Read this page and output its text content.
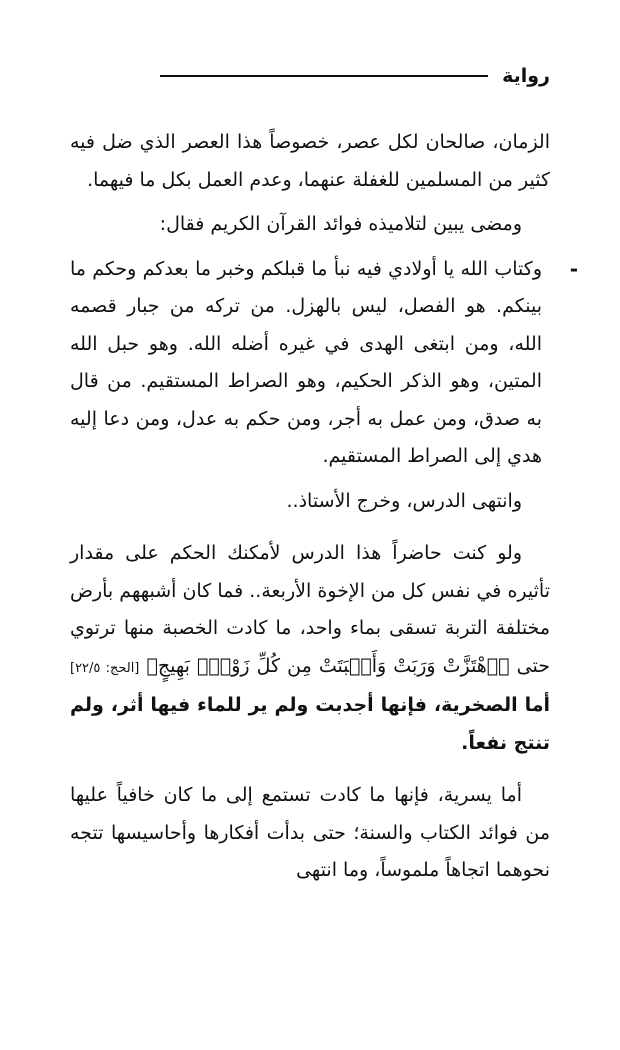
رواية

الزمان، صالحان لكل عصر، خصوصاً هذا العصر الذي ضل فيه كثير من المسلمين للغفلة عنهما، وعدم العمل بكل ما فيهما.

ومضى يبين لتلاميذه فوائد القرآن الكريم فقال:

-
وكتاب الله يا أولادي فيه نبأ ما قبلكم وخبر ما بعدكم وحكم ما بينكم. هو الفصل، ليس بالهزل. من تركه من جبار قصمه الله، ومن ابتغى الهدى في غيره أضله الله. وهو حبل الله المتين، وهو الذكر الحكيم، وهو الصراط المستقيم. من قال به صدق، ومن عمل به أجر، ومن حكم به عدل، ومن دعا إليه هدي إلى الصراط المستقيم.

وانتهى الدرس، وخرج الأستاذ..

ولو كنت حاضراً هذا الدرس لأمكنك الحكم على مقدار تأثيره في نفس كل من الإخوة الأربعة.. فما كان أشبههم بأرض مختلفة التربة تسقى بماء واحد، ما كادت الخصبة منها ترتوي حتى ﴿ٱهْتَزَّتْ وَرَبَتْ وَأَنۢبَتَتْ مِن كُلِّ زَوْجٍۭ بَهِيجٍ﴾ [الحج: ٢٢/٥] أما الصخرية، فإنها أجدبت ولم ير للماء فيها أثر، ولم تنتج نفعاً.

أما يسرية، فإنها ما كادت تستمع إلى ما كان خافياً عليها من فوائد الكتاب والسنة؛ حتى بدأت أفكارها وأحاسيسها تتجه نحوهما اتجاهاً ملموساً، وما انتهى
